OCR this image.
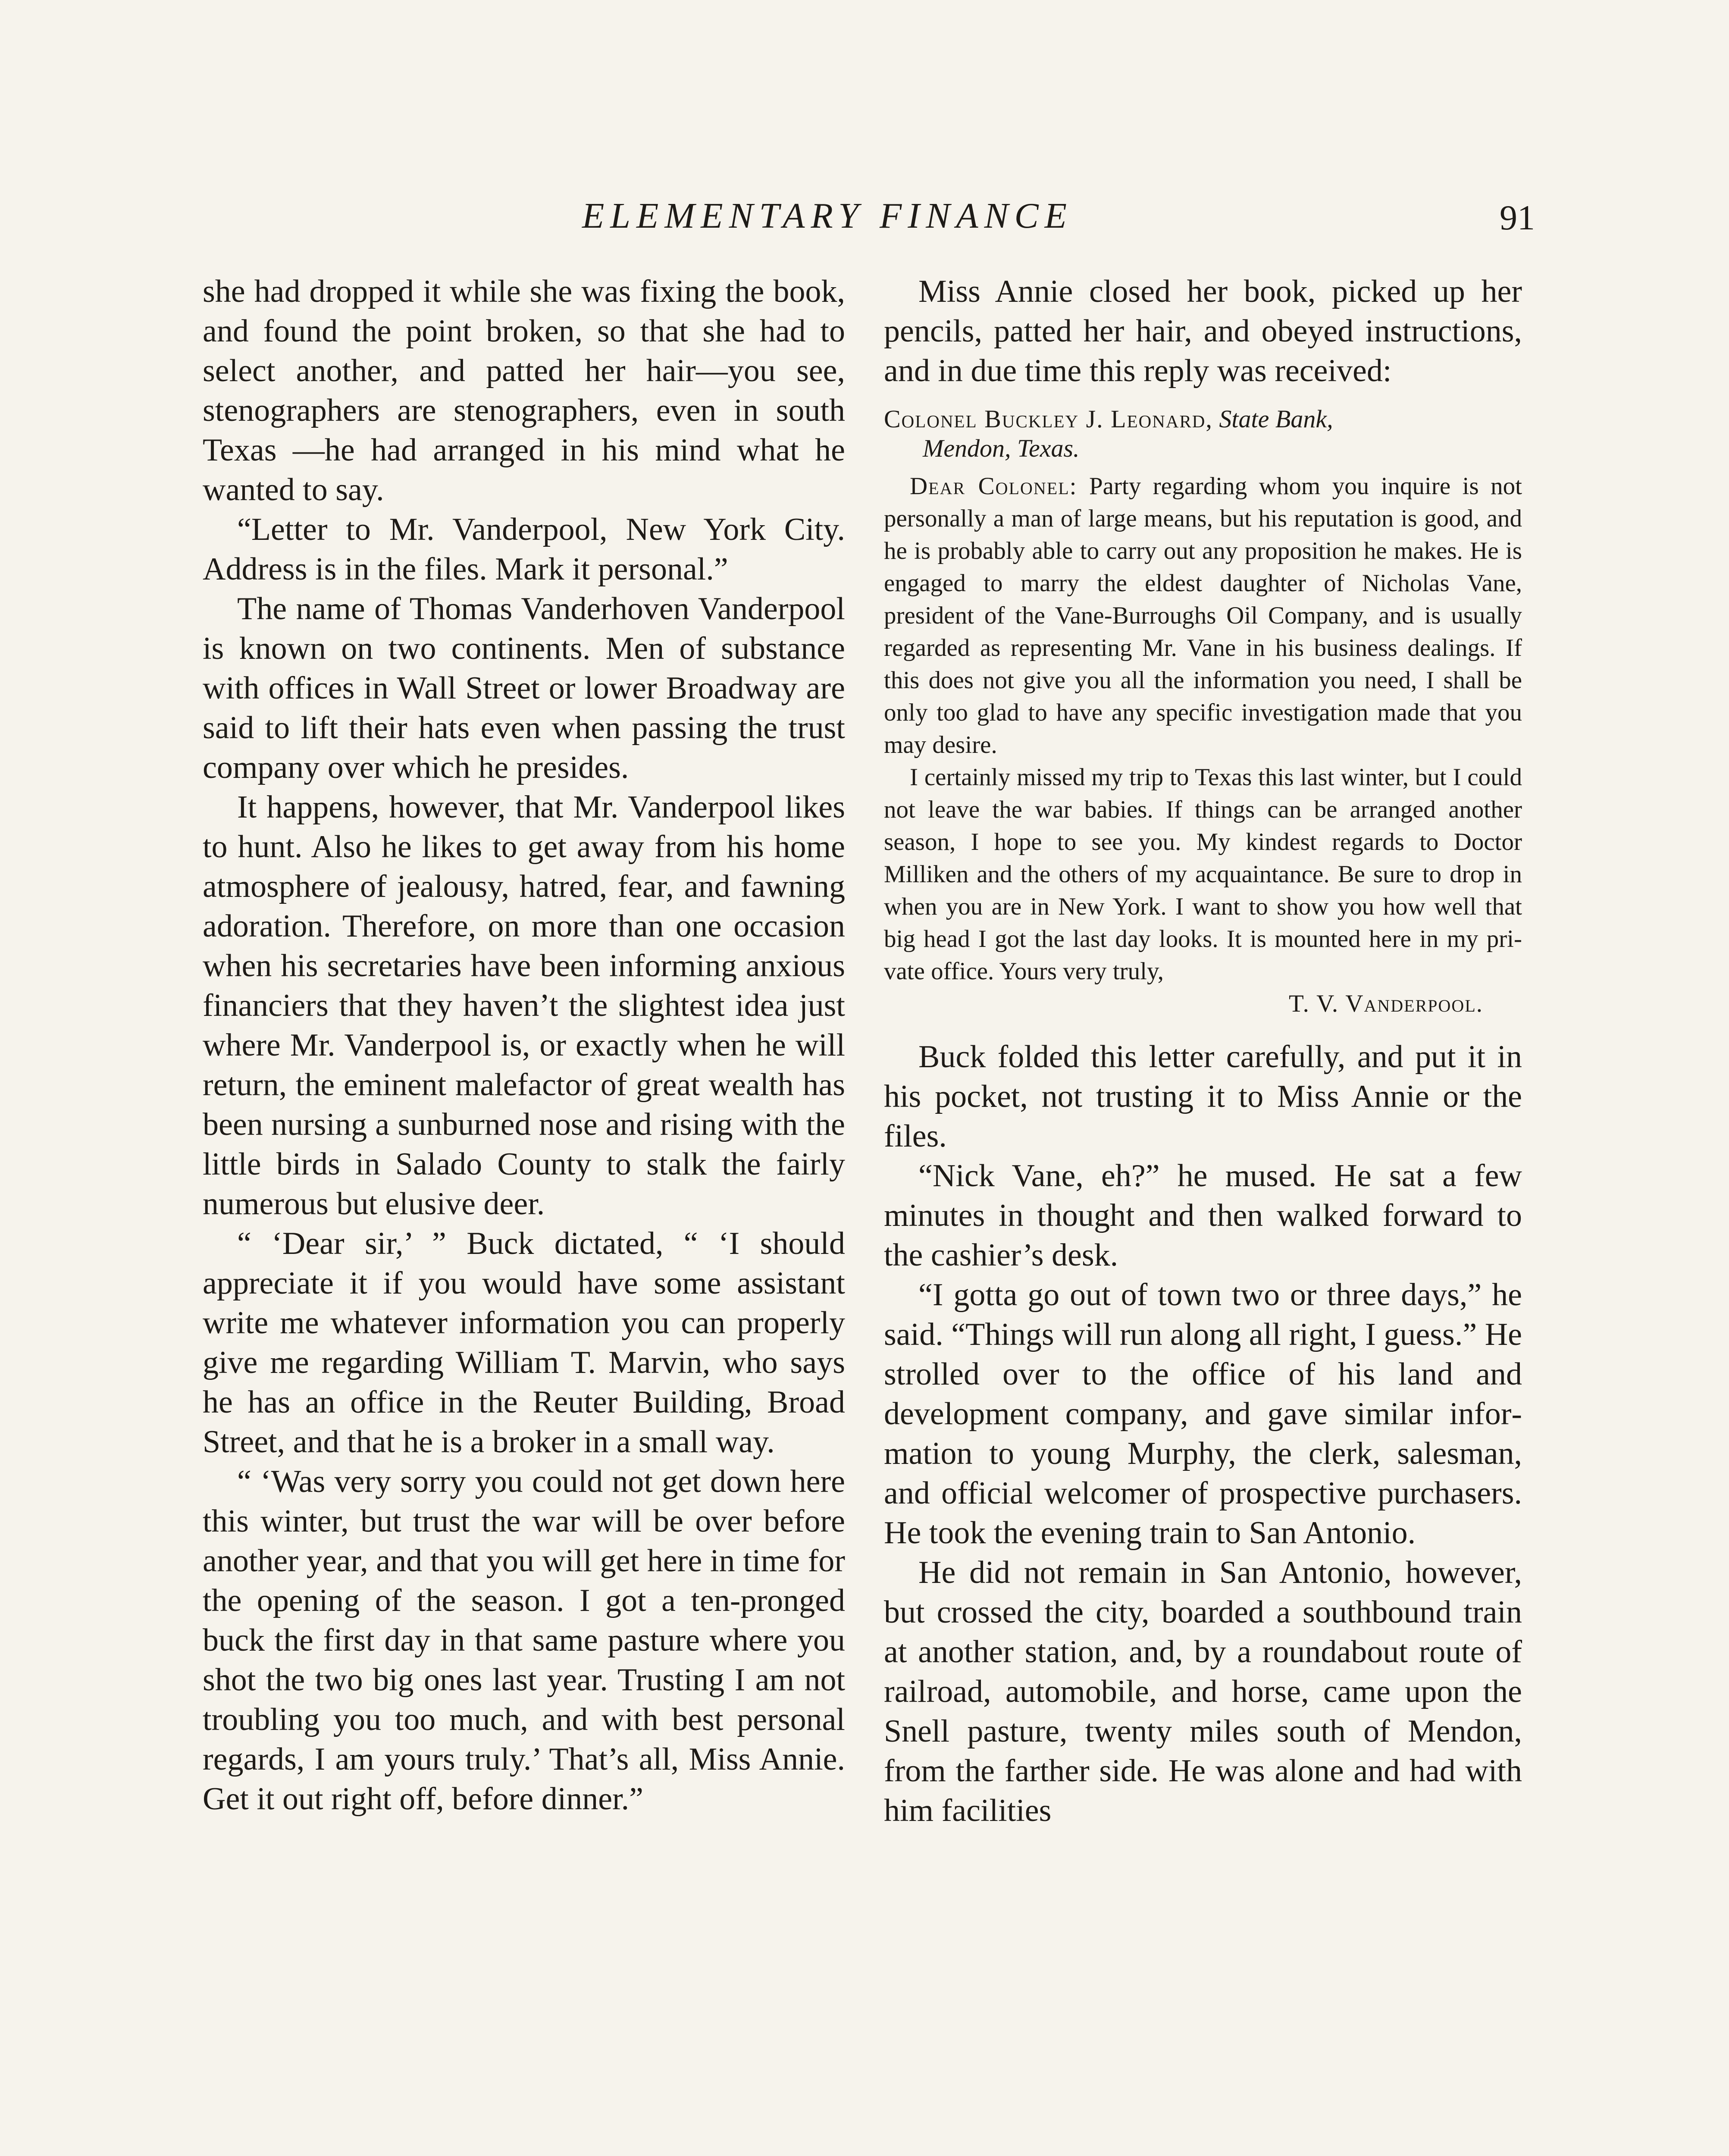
ELEMENTARY FINANCE	91

she had dropped it while she was fixing the book, and found the point broken, so that she had to select another, and patted her hair—you see, stenographers are stenographers, even in south Texas —he had arranged in his mind what he wanted to say.

“Letter to Mr. Vanderpool, New York City. Address is in the files. Mark it personal.”

The name of Thomas Vanderhoven Vanderpool is known on two continents. Men of substance with offices in Wall Street or lower Broadway are said to lift their hats even when passing the trust company over which he presides.

It happens, however, that Mr. Vanderpool likes to hunt. Also he likes to get away from his home atmosphere of jealousy, hatred, fear, and fawning adoration. Therefore, on more than one occasion when his secretaries have been informing anxious financiers that they haven’t the slightest idea just where Mr. Vanderpool is, or exactly when he will return, the eminent malefactor of great wealth has been nursing a sunburned nose and rising with the little birds in Salado County to stalk the fairly numerous but elusive deer.

“ ‘Dear sir,’ ” Buck dictated, “ ‘I should appreciate it if you would have some assistant write me whatever information you can properly give me regarding William T. Marvin, who says he has an office in the Reuter Building, Broad Street, and that he is a broker in a small way.

“ ‘Was very sorry you could not get down here this winter, but trust the war will be over before another year, and that you will get here in time for the opening of the season. I got a ten-pronged buck the first day in that same pasture where you shot the two big ones last year. Trusting I am not troubling you too much, and with best personal regards, I am yours truly.’ That’s all, Miss Annie. Get it out right off, before dinner.”

Miss Annie closed her book, picked up her pencils, patted her hair, and obeyed instructions, and in due time this reply was received:

Colonel Buckley J. Leonard, State Bank,
Mendon, Texas.

Dear Colonel: Party regarding whom you inquire is not personally a man of large means, but his reputation is good, and he is probably able to carry out any proposition he makes. He is engaged to marry the eldest daughter of Nicholas Vane, president of the Vane-Burroughs Oil Company, and is usually regarded as representing Mr. Vane in his business dealings. If this does not give you all the information you need, I shall be only too glad to have any specific investigation made that you may desire.

I certainly missed my trip to Texas this last winter, but I could not leave the war babies. If things can be arranged another season, I hope to see you. My kindest regards to Doctor Milliken and the others of my acquaintance. Be sure to drop in when you are in New York. I want to show you how well that big head I got the last day looks. It is mounted here in my private office. Yours very truly,

T. V. Vanderpool.

Buck folded this letter carefully, and put it in his pocket, not trusting it to Miss Annie or the files.

“Nick Vane, eh?” he mused. He sat a few minutes in thought and then walked forward to the cashier’s desk.

“I gotta go out of town two or three days,” he said. “Things will run along all right, I guess.” He strolled over to the office of his land and development company, and gave similar information to young Murphy, the clerk, salesman, and official welcomer of prospective purchasers. He took the evening train to San Antonio.

He did not remain in San Antonio, however, but crossed the city, boarded a southbound train at another station, and, by a roundabout route of railroad, automobile, and horse, came upon the Snell pasture, twenty miles south of Mendon, from the farther side. He was alone and had with him facilities
